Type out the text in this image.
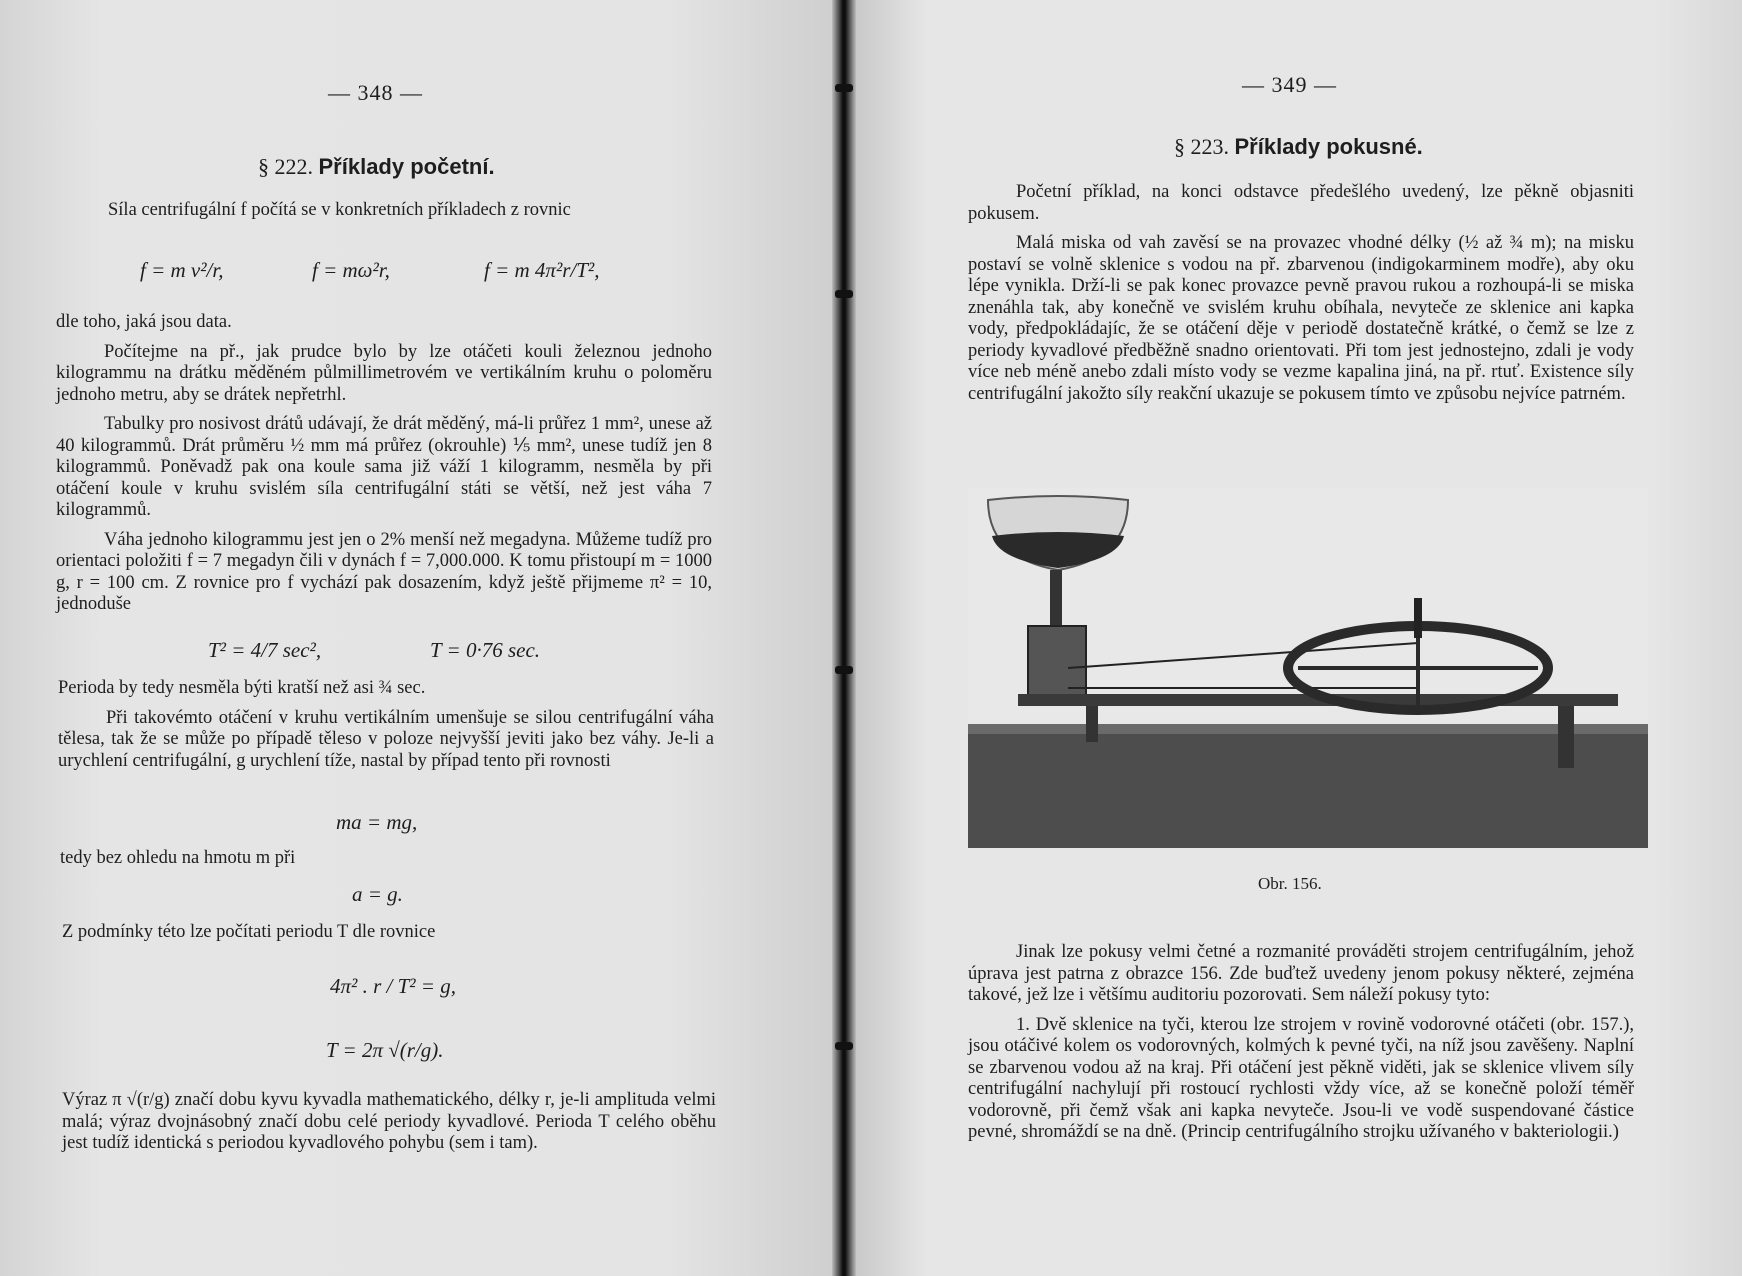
— 348 —
§ 222. Příklady početní.

Síla centrifugální f počítá se v konkretních příkladech z rovnic

f = m v²/r,	f = mω²r,	f = m 4π²r/T²,

dle toho, jaká jsou data.

Počítejme na př., jak prudce bylo by lze otáčeti kouli železnou jednoho kilogrammu na drátku měděném půlmillimetrovém ve vertikálním kruhu o poloměru jednoho metru, aby se drátek nepřetrhl.

Tabulky pro nosivost drátů udávají, že drát měděný, má-li průřez 1 mm², unese až 40 kilogrammů. Drát průměru ½ mm má průřez (okrouhle) ⅕ mm², unese tudíž jen 8 kilogrammů. Poněvadž pak ona koule sama již váží 1 kilogramm, nesměla by při otáčení koule v kruhu svislém síla centrifugální státi se větší, než jest váha 7 kilogrammů.

Váha jednoho kilogrammu jest jen o 2% menší než megadyna. Můžeme tudíž pro orientaci položiti f = 7 megadyn čili v dynách f = 7,000.000. K tomu přistoupí m = 1000 g, r = 100 cm. Z rovnice pro f vychází pak dosazením, když ještě přijmeme π² = 10, jednoduše

T² = 4/7 sec²,	T = 0·76 sec.

Perioda by tedy nesměla býti kratší než asi ¾ sec.

Při takovémto otáčení v kruhu vertikálním umenšuje se silou centrifugální váha tělesa, tak že se může po případě těleso v poloze nejvyšší jeviti jako bez váhy. Je-li a urychlení centrifugální, g urychlení tíže, nastal by případ tento při rovnosti

ma = mg,

tedy bez ohledu na hmotu m při

a = g.

Z podmínky této lze počítati periodu T dle rovnice

4π² . r / T² = g,
T = 2π √(r/g).

Výraz π √(r/g) značí dobu kyvu kyvadla mathematického, délky r, je-li amplituda velmi malá; výraz dvojnásobný značí dobu celé periody kyvadlové. Perioda T celého oběhu jest tudíž identická s periodou kyvadlového pohybu (sem i tam).

— 349 —
§ 223. Příklady pokusné.

Početní příklad, na konci odstavce předešlého uvedený, lze pěkně objasniti pokusem.

Malá miska od vah zavěsí se na provazec vhodné délky (½ až ¾ m); na misku postaví se volně sklenice s vodou na př. zbarvenou (indigokarminem modře), aby oku lépe vynikla. Drží-li se pak konec provazce pevně pravou rukou a rozhoupá-li se miska znenáhla tak, aby konečně ve svislém kruhu obíhala, nevyteče ze sklenice ani kapka vody, předpokládajíc, že se otáčení děje v periodě dostatečně krátké, o čemž se lze z periody kyvadlové předběžně snadno orientovati. Při tom jest jednostejno, zdali je vody více neb méně anebo zdali místo vody se vezme kapalina jiná, na př. rtuť. Existence síly centrifugální jakožto síly reakční ukazuje se pokusem tímto ve způsobu nejvíce patrném.

Obr. 156.

Jinak lze pokusy velmi četné a rozmanité prováděti strojem centrifugálním, jehož úprava jest patrna z obrazce 156. Zde buďtež uvedeny jenom pokusy některé, zejména takové, jež lze i většímu auditoriu pozorovati. Sem náleží pokusy tyto:

1. Dvě sklenice na tyči, kterou lze strojem v rovině vodorovné otáčeti (obr. 157.), jsou otáčivé kolem os vodorovných, kolmých k pevné tyči, na níž jsou zavěšeny. Naplní se zbarvenou vodou až na kraj. Při otáčení jest pěkně viděti, jak se sklenice vlivem síly centrifugální nachylují při rostoucí rychlosti vždy více, až se konečně položí téměř vodorovně, při čemž však ani kapka nevyteče. Jsou-li ve vodě suspendované částice pevné, shromáždí se na dně. (Princip centrifugálního strojku užívaného v bakteriologii.)
